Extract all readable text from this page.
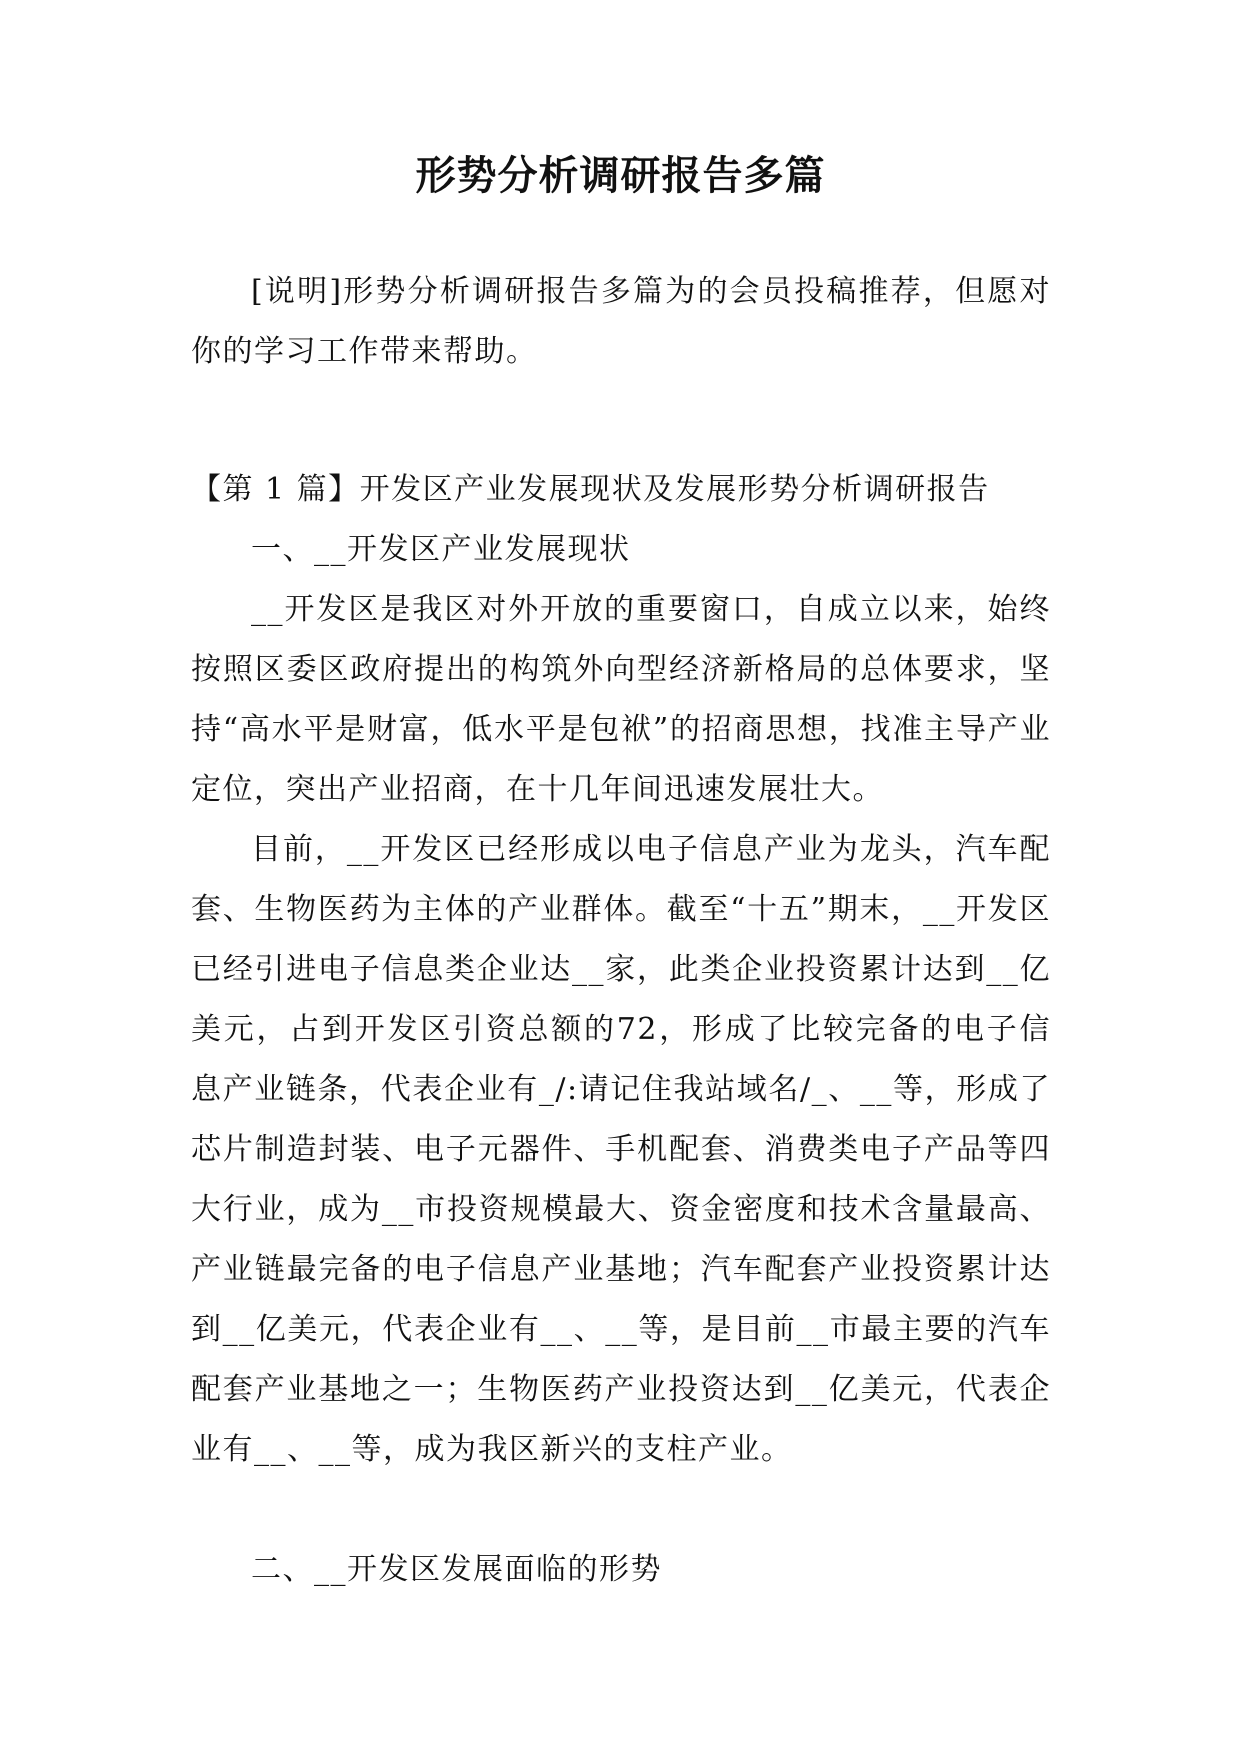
形势分析调研报告多篇

[说明]形势分析调研报告多篇为的会员投稿推荐，但愿对你的学习工作带来帮助。

【第 1 篇】开发区产业发展现状及发展形势分析调研报告

一、__开发区产业发展现状

__开发区是我区对外开放的重要窗口，自成立以来，始终按照区委区政府提出的构筑外向型经济新格局的总体要求，坚持“高水平是财富，低水平是包袱”的招商思想，找准主导产业定位，突出产业招商，在十几年间迅速发展壮大。

目前，__开发区已经形成以电子信息产业为龙头，汽车配套、生物医药为主体的产业群体。截至“十五”期末，__开发区已经引进电子信息类企业达__家，此类企业投资累计达到__亿美元，占到开发区引资总额的72，形成了比较完备的电子信息产业链条，代表企业有_/:请记住我站域名/_、__等，形成了芯片制造封装、电子元器件、手机配套、消费类电子产品等四大行业，成为__市投资规模最大、资金密度和技术含量最高、产业链最完备的电子信息产业基地；汽车配套产业投资累计达到__亿美元，代表企业有__、__等，是目前__市最主要的汽车配套产业基地之一；生物医药产业投资达到__亿美元，代表企业有__、__等，成为我区新兴的支柱产业。

二、__开发区发展面临的形势
